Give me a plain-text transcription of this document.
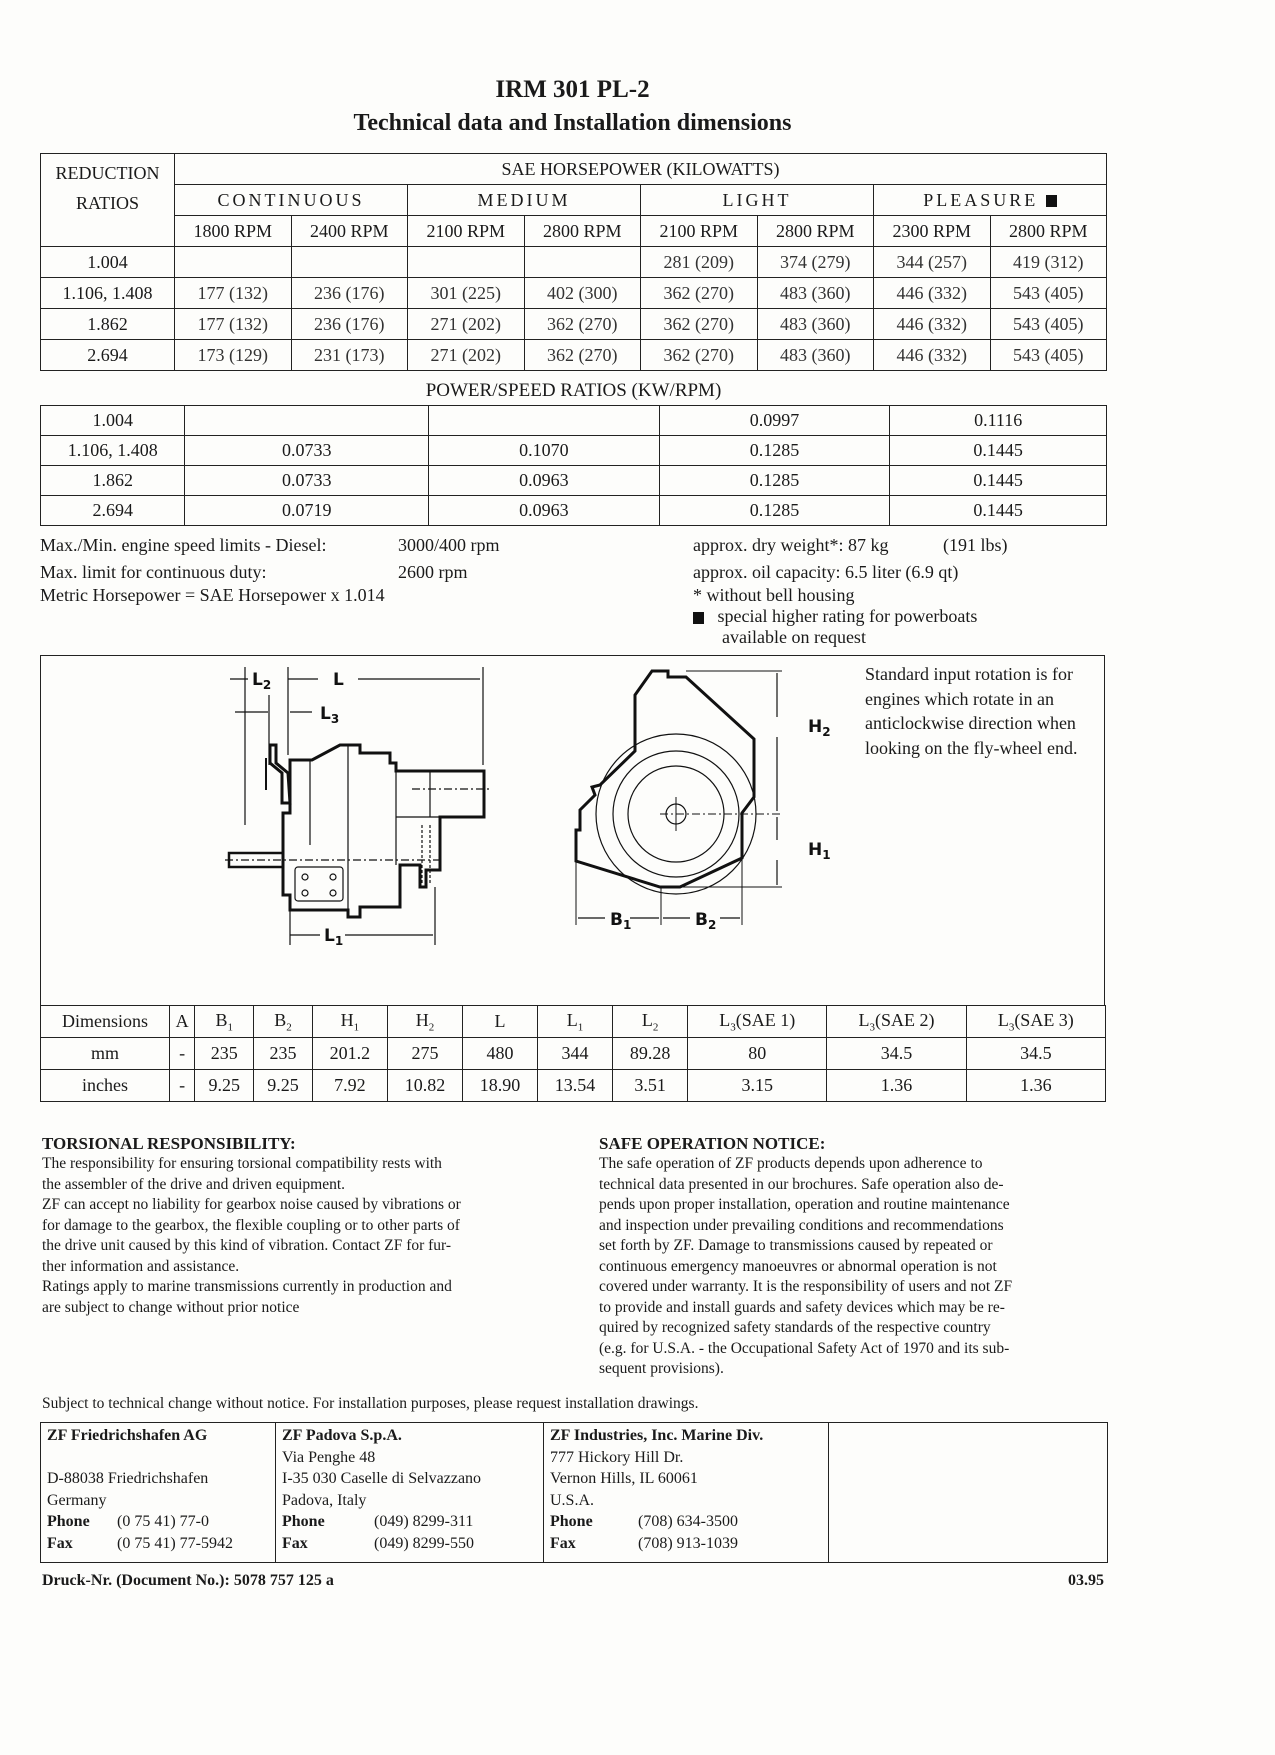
IRM 301 PL-2
Technical data and Installation dimensions
REDUCTION
RATIOS	SAE HORSEPOWER (KILOWATTS)							
	CONTINUOUS		MEDIUM		LIGHT		PLEASURE	
	1800 RPM	2400 RPM	2100 RPM	2800 RPM	2100 RPM	2800 RPM	2300 RPM	2800 RPM
1.004					281 (209)	374 (279)	344 (257)	419 (312)
1.106, 1.408	177 (132)	236 (176)	301 (225)	402 (300)	362 (270)	483 (360)	446 (332)	543 (405)
1.862	177 (132)	236 (176)	271 (202)	362 (270)	362 (270)	483 (360)	446 (332)	543 (405)
2.694	173 (129)	231 (173)	271 (202)	362 (270)	362 (270)	483 (360)	446 (332)	543 (405)
POWER/SPEED RATIOS (KW/RPM)
1.004			0.0997	0.1116
1.106, 1.408	0.0733	0.1070	0.1285	0.1445
1.862	0.0733	0.0963	0.1285	0.1445
2.694	0.0719	0.0963	0.1285	0.1445
Max./Min. engine speed limits - Diesel:	3000/400 rpm
Max. limit for continuous duty:	2600 rpm
Metric Horsepower = SAE Horsepower x 1.014
approx. dry weight*: 87 kg	(191 lbs)
approx. oil capacity: 6.5 liter (6.9 qt)
* without bell housing
special higher rating for powerboats
available on request
$L_2$	L
$L_3$
$L_1$
$H_2$
$H_1$
$B_1$	$B_2$
Standard input rotation is for engines which rotate in an anticlockwise direction when looking on the fly-wheel end.
Dimensions	A	$B_1$	$B_2$	$H_1$	$H_2$	L	$L_1$	$L_2$	$L_3(SAE$ 1)	$L_3(SAE$ 2)	$L_3(SAE$ 3)
mm	-	235	235	201.2	275	480	344	89.28	80	34.5	34.5
inches	-	9.25	9.25	7.92	10.82	18.90	13.54	3.51	3.15	1.36	1.36
TORSIONAL RESPONSIBILITY:
The responsibility for ensuring torsional compatibility rests with
the assembler of the drive and driven equipment.
ZF can accept no liability for gearbox noise caused by vibrations or
for damage to the gearbox, the flexible coupling or to other parts of
the drive unit caused by this kind of vibration. Contact ZF for fur-
ther information and assistance.
Ratings apply to marine transmissions currently in production and
are subject to change without prior notice
SAFE OPERATION NOTICE:
The safe operation of ZF products depends upon adherence to
technical data presented in our brochures. Safe operation also de-
pends upon proper installation, operation and routine maintenance
and inspection under prevailing conditions and recommendations
set forth by ZF. Damage to transmissions caused by repeated or
continuous emergency manoeuvres or abnormal operation is not
covered under warranty. It is the responsibility of users and not ZF
to provide and install guards and safety devices which may be re-
quired by recognized safety standards of the respective country
(e.g. for U.S.A. - the Occupational Safety Act of 1970 and its sub-
sequent provisions).
Subject to technical change without notice. For installation purposes, please request installation drawings.
ZF Friedrichshafen AG
D-88038 Friedrichshafen
Germany
Phone (0 75 41) 77-0
Fax	(0 75 41) 77-5942

ZF Padova S.p.A.
Via Penghe 48
I-35 030 Caselle di Selvazzano
Padova, Italy
Phone	(049) 8299-311
Fax	(049) 8299-550

ZF Industries, Inc. Marine Div.
777 Hickory Hill Dr.
Vernon Hills, IL 60061
U.S.A.
Phone	(708) 634-3500
Fax	(708) 913-1039

Druck-Nr. (Document No.): 5078 757 125 a	03.95
